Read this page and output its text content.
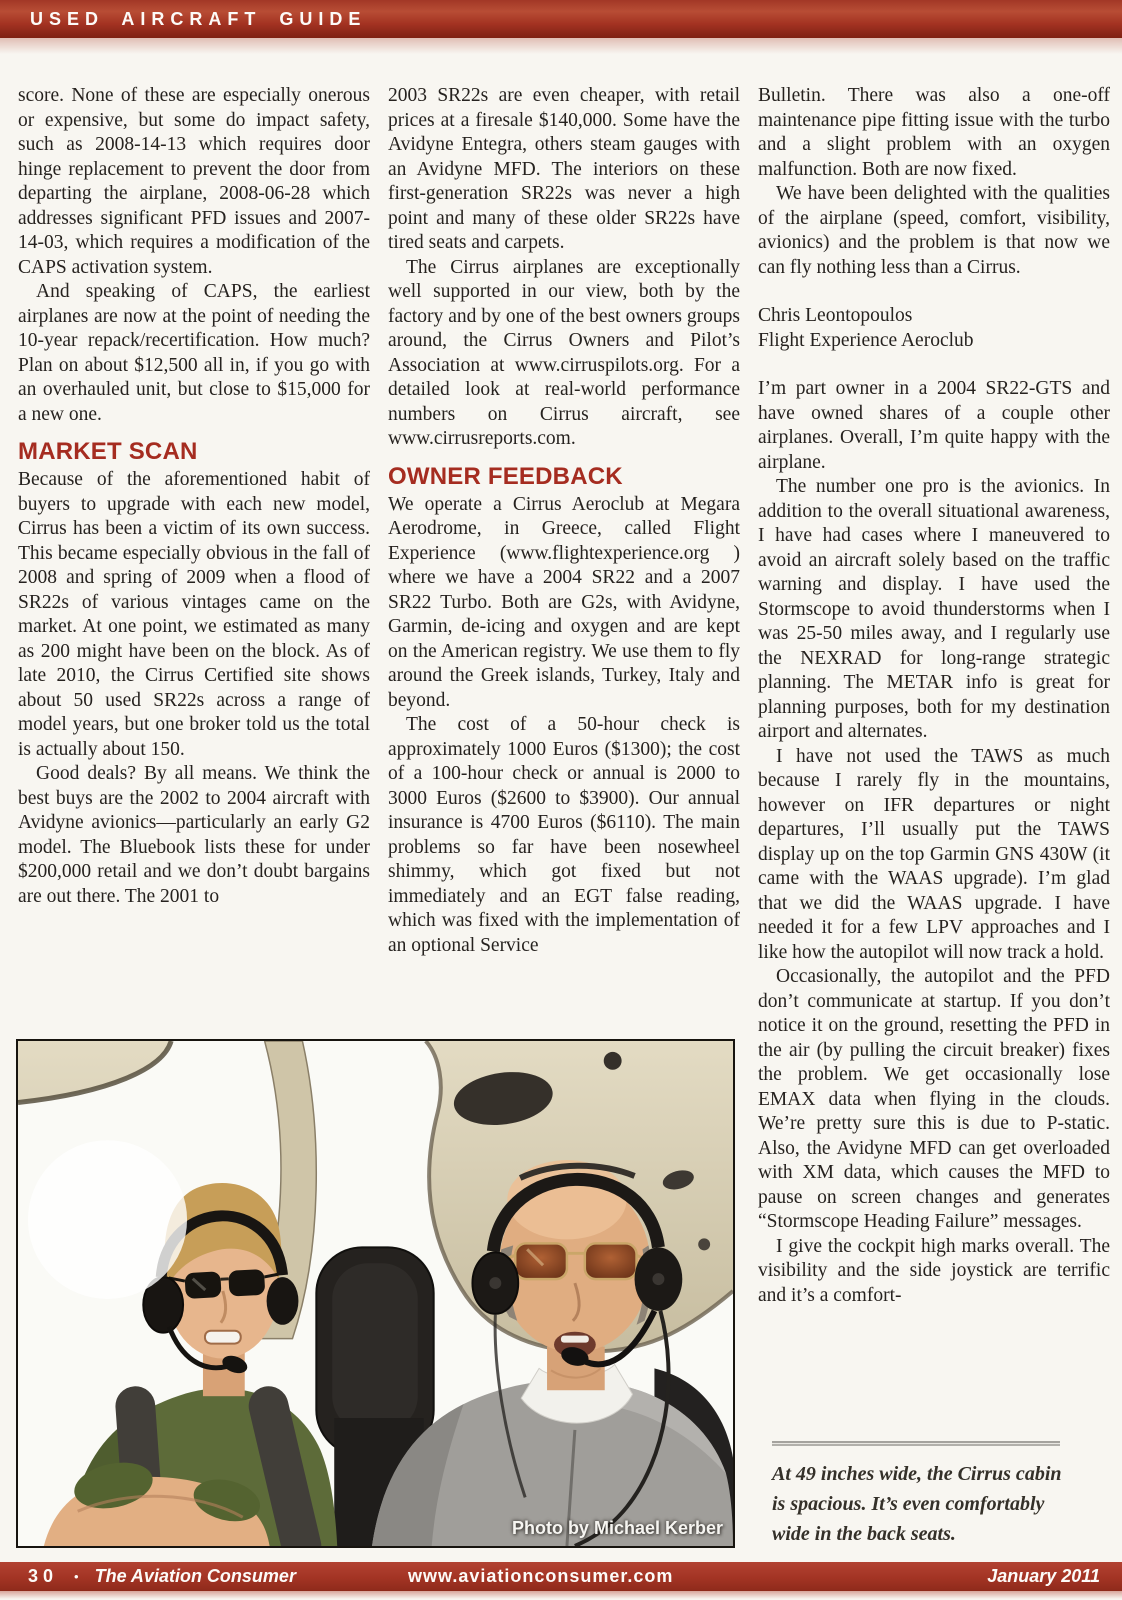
USED AIRCRAFT GUIDE

score. None of these are especially onerous or expensive, but some do impact safety, such as 2008-14-13 which requires door hinge replacement to prevent the door from departing the airplane, 2008-06-28 which addresses significant PFD issues and 2007-14-03, which requires a modification of the CAPS activation system.

And speaking of CAPS, the earliest airplanes are now at the point of needing the 10-year repack/recertification. How much? Plan on about $12,500 all in, if you go with an overhauled unit, but close to $15,000 for a new one.

MARKET SCAN

Because of the aforementioned habit of buyers to upgrade with each new model, Cirrus has been a victim of its own success. This became especially obvious in the fall of 2008 and spring of 2009 when a flood of SR22s of various vintages came on the market. At one point, we estimated as many as 200 might have been on the block. As of late 2010, the Cirrus Certified site shows about 50 used SR22s across a range of model years, but one broker told us the total is actually about 150.

Good deals? By all means. We think the best buys are the 2002 to 2004 aircraft with Avidyne avionics—particularly an early G2 model. The Bluebook lists these for under $200,000 retail and we don’t doubt bargains are out there. The 2001 to

2003 SR22s are even cheaper, with retail prices at a firesale $140,000. Some have the Avidyne Entegra, others steam gauges with an Avidyne MFD. The interiors on these first-generation SR22s was never a high point and many of these older SR22s have tired seats and carpets.

The Cirrus airplanes are exceptionally well supported in our view, both by the factory and by one of the best owners groups around, the Cirrus Owners and Pilot’s Association at www.cirruspilots.org. For a detailed look at real-world performance numbers on Cirrus aircraft, see www.cirrusreports.com.

OWNER FEEDBACK

We operate a Cirrus Aeroclub at Megara Aerodrome, in Greece, called Flight Experience (www.flightexperience.org ) where we have a 2004 SR22 and a 2007 SR22 Turbo. Both are G2s, with Avidyne, Garmin, de-icing and oxygen and are kept on the American registry. We use them to fly around the Greek islands, Turkey, Italy and beyond.

The cost of a 50-hour check is approximately 1000 Euros ($1300); the cost of a 100-hour check or annual is 2000 to 3000 Euros ($2600 to $3900). Our annual insurance is 4700 Euros ($6110). The main problems so far have been nosewheel shimmy, which got fixed but not immediately and an EGT false reading, which was fixed with the implementation of an optional Service

Bulletin. There was also a one-off maintenance pipe fitting issue with the turbo and a slight problem with an oxygen malfunction. Both are now fixed.

We have been delighted with the qualities of the airplane (speed, comfort, visibility, avionics) and the problem is that now we can fly nothing less than a Cirrus.

Chris Leontopoulos

Flight Experience Aeroclub

I’m part owner in a 2004 SR22-GTS and have owned shares of a couple other airplanes. Overall, I’m quite happy with the airplane.

The number one pro is the avionics. In addition to the overall situational awareness, I have had cases where I maneuvered to avoid an aircraft solely based on the traffic warning and display. I have used the Stormscope to avoid thunderstorms when I was 25-50 miles away, and I regularly use the NEXRAD for long-range strategic planning. The METAR info is great for planning purposes, both for my destination airport and alternates.

I have not used the TAWS as much because I rarely fly in the mountains, however on IFR departures or night departures, I’ll usually put the TAWS display up on the top Garmin GNS 430W (it came with the WAAS upgrade). I’m glad that we did the WAAS upgrade. I have needed it for a few LPV approaches and I like how the autopilot will now track a hold.

Occasionally, the autopilot and the PFD don’t communicate at startup. If you don’t notice it on the ground, resetting the PFD in the air (by pulling the circuit breaker) fixes the problem. We get occasionally lose EMAX data when flying in the clouds. We’re pretty sure this is due to P-static. Also, the Avidyne MFD can get overloaded with XM data, which causes the MFD to pause on screen changes and generates “Stormscope Heading Failure” messages.

I give the cockpit high marks overall. The visibility and the side joystick are terrific and it’s a comfort-

Photo by Michael Kerber
At 49 inches wide, the Cirrus cabin is spacious. It’s even comfortably wide in the back seats.
30 • The Aviation Consumer	www.aviationconsumer.com	January 2011
